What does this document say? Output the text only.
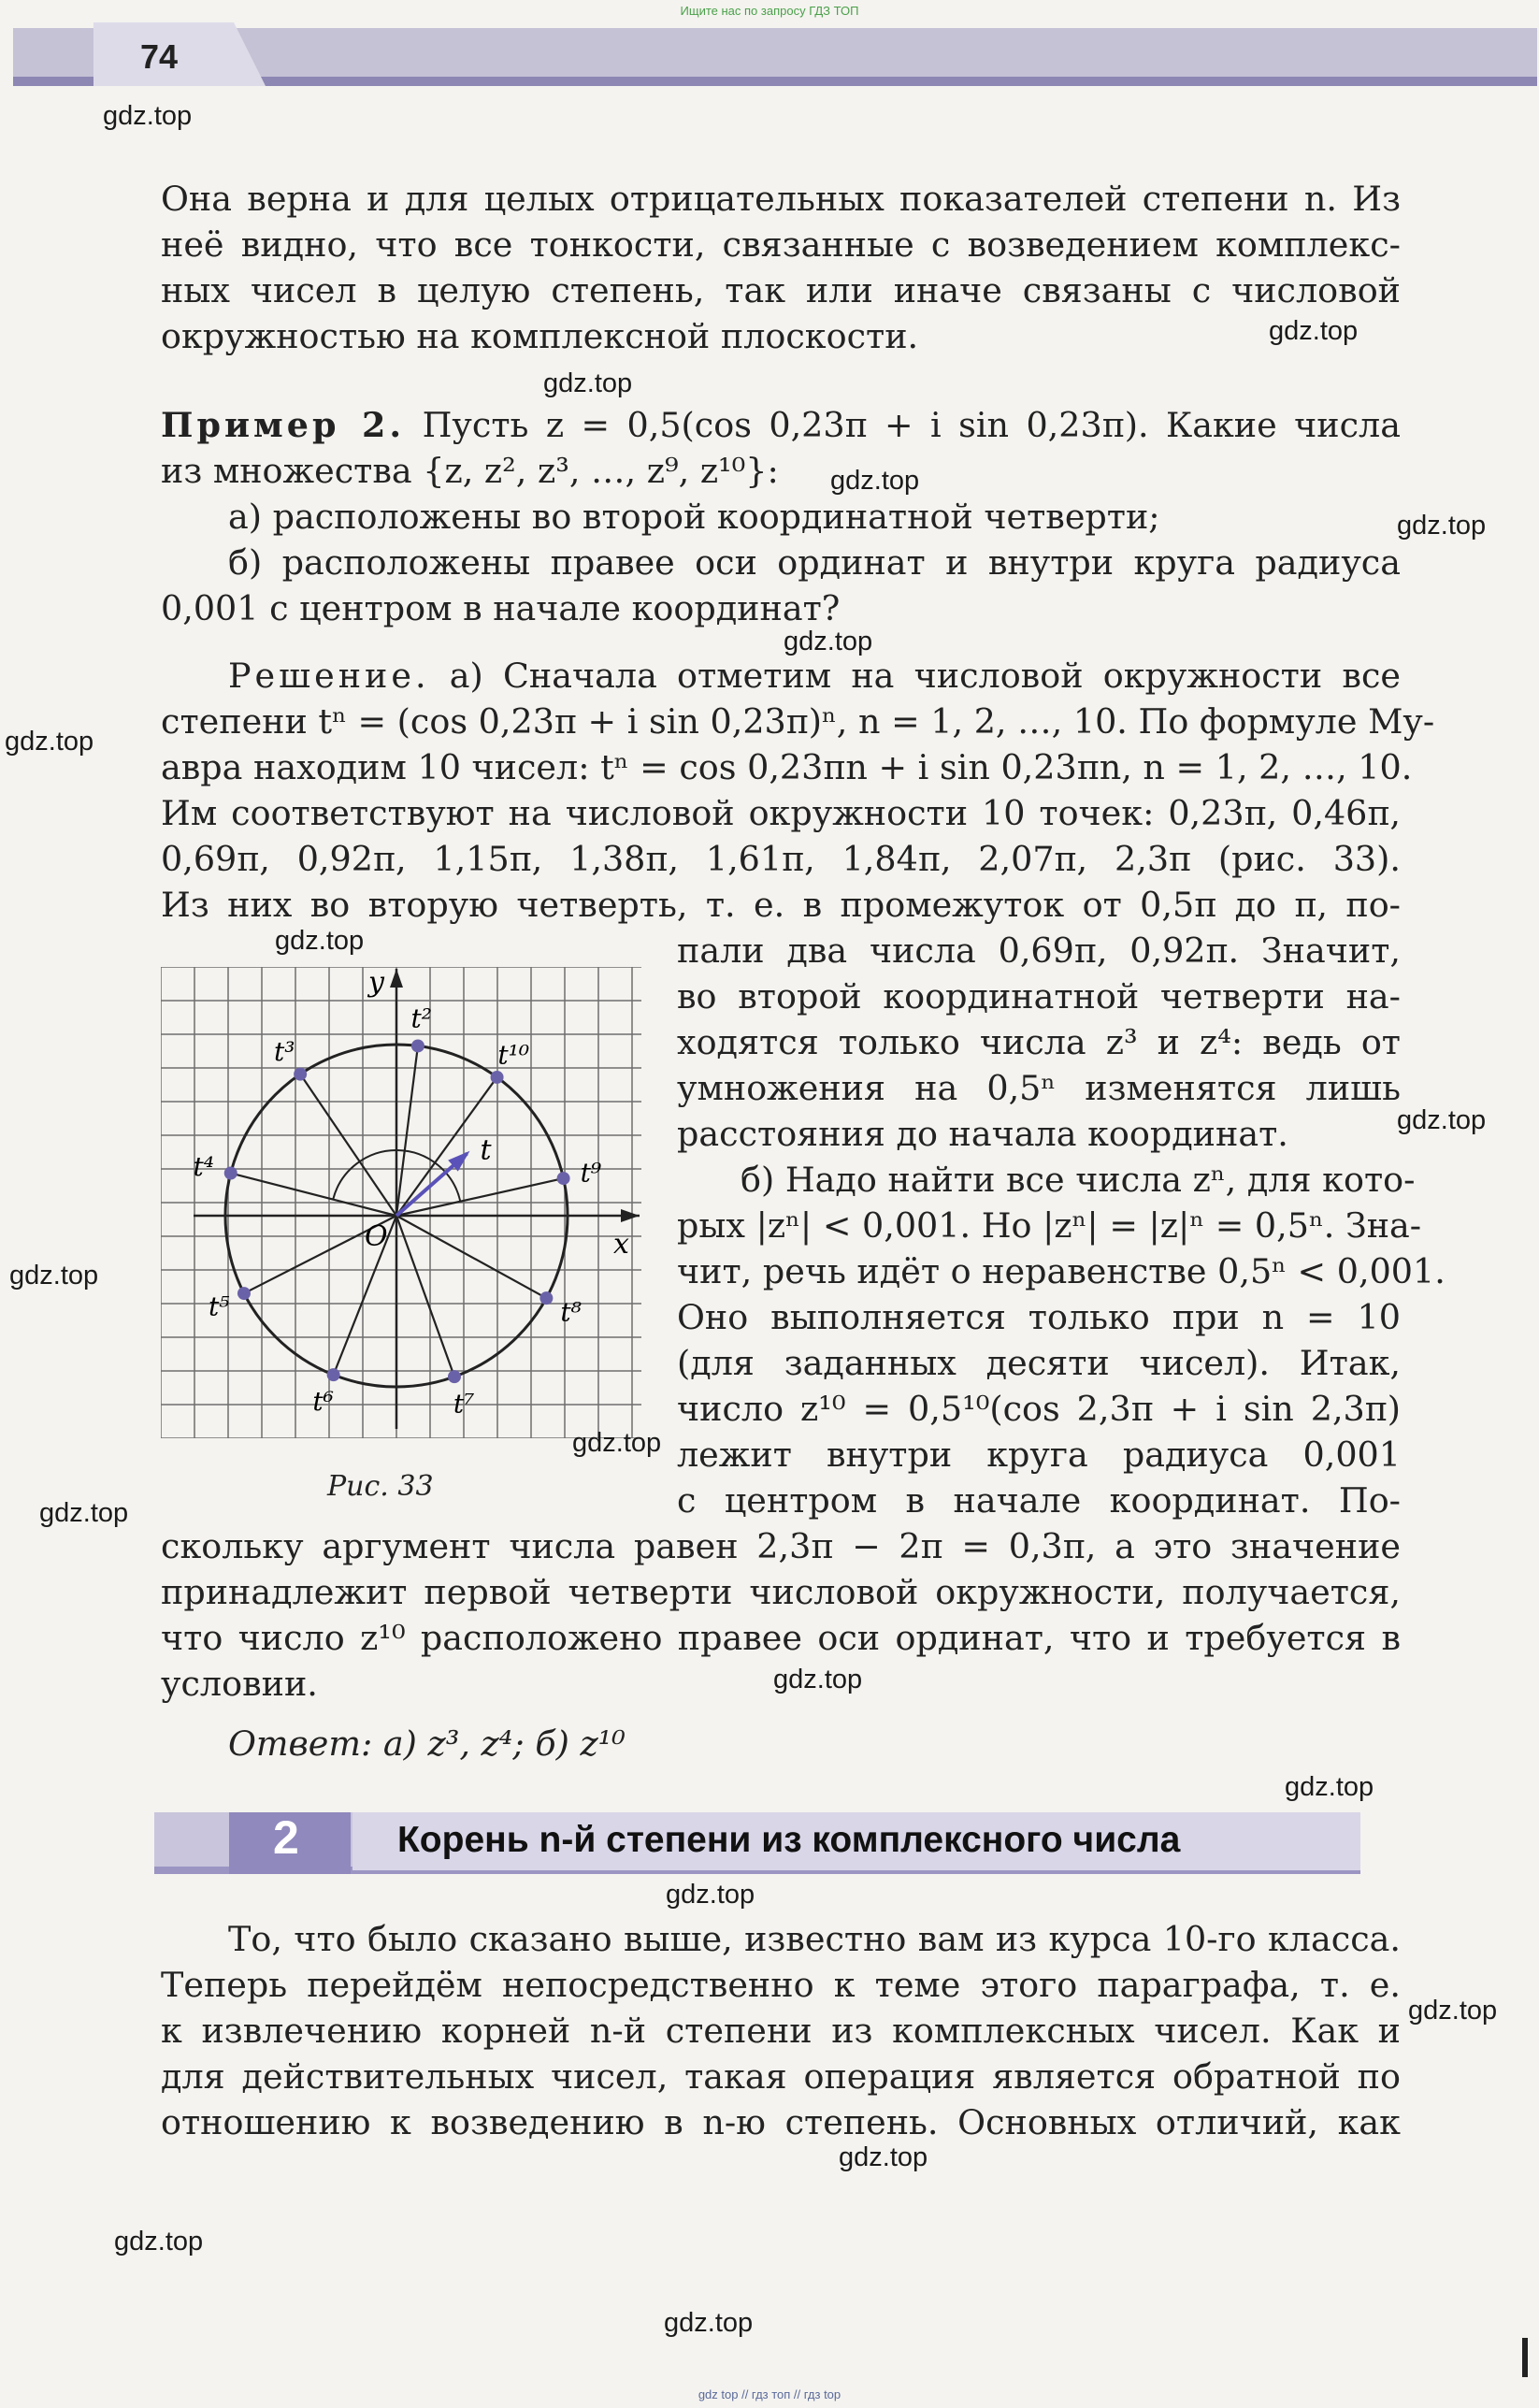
Ищите нас по запросу ГДЗ ТОП
74
Она верна и для целых отрицательных показателей степени n. Из
неё видно, что все тонкости, связанные с возведением комплекс-
ных чисел в целую степень, так или иначе связаны с числовой
окружностью на комплексной плоскости.
Пример 2. Пусть z = 0,5(cos 0,23π + i sin 0,23π). Какие числа
из множества {z, z², z³, …, z⁹, z¹⁰}:
а) расположены во второй координатной четверти;
б) расположены правее оси ординат и внутри круга радиуса
0,001 с центром в начале координат?
Решение. а) Сначала отметим на числовой окружности все
степени tⁿ = (cos 0,23π + i sin 0,23π)ⁿ, n = 1, 2, …, 10. По формуле Му-
авра находим 10 чисел: tⁿ = cos 0,23πn + i sin 0,23πn, n = 1, 2, …, 10.
Им соответствуют на числовой окружности 10 точек: 0,23π, 0,46π,
0,69π, 0,92π, 1,15π, 1,38π, 1,61π, 1,84π, 2,07π, 2,3π (рис. 33).
Из них во вторую четверть, т. е. в промежуток от 0,5π до π, по-
пали два числа 0,69π, 0,92π. Значит,
во второй координатной четверти на-
ходятся только числа z³ и z⁴: ведь от
умножения на 0,5ⁿ изменятся лишь
расстояния до начала координат.
б) Надо найти все числа zⁿ, для кото-
рых |zⁿ| < 0,001. Но |zⁿ| = |z|ⁿ = 0,5ⁿ. Зна-
чит, речь идёт о неравенстве 0,5ⁿ < 0,001.
Оно выполняется только при n = 10
(для заданных десяти чисел). Итак,
число z¹⁰ = 0,5¹⁰(cos 2,3π + i sin 2,3π)
лежит внутри круга радиуса 0,001
с центром в начале координат. По-
t¹⁰
t²
t³
t⁴
t⁵
t⁶	t⁷
t⁸
t⁹
x
y
O
t
Рис. 33
скольку аргумент числа равен 2,3π − 2π = 0,3π, а это значение
принадлежит первой четверти числовой окружности, получается,
что число z¹⁰ расположено правее оси ординат, что и требуется в
условии.
Ответ: а) z³, z⁴; б) z¹⁰
2	Корень n-й степени из комплексного числа
То, что было сказано выше, известно вам из курса 10-го класса.
Теперь перейдём непосредственно к теме этого параграфа, т. е.
к извлечению корней n-й степени из комплексных чисел. Как и
для действительных чисел, такая операция является обратной по
отношению к возведению в n-ю степень. Основных отличий, как
gdz.top
gdz.top
gdz.top
gdz.top
gdz.top
gdz.top
gdz.top
gdz.top
gdz.top
gdz.top
gdz.top
gdz.top
gdz.top
gdz.top
gdz.top
gdz.top
gdz.top
gdz.top
gdz.top
gdz top // гдз топ // гдз top
